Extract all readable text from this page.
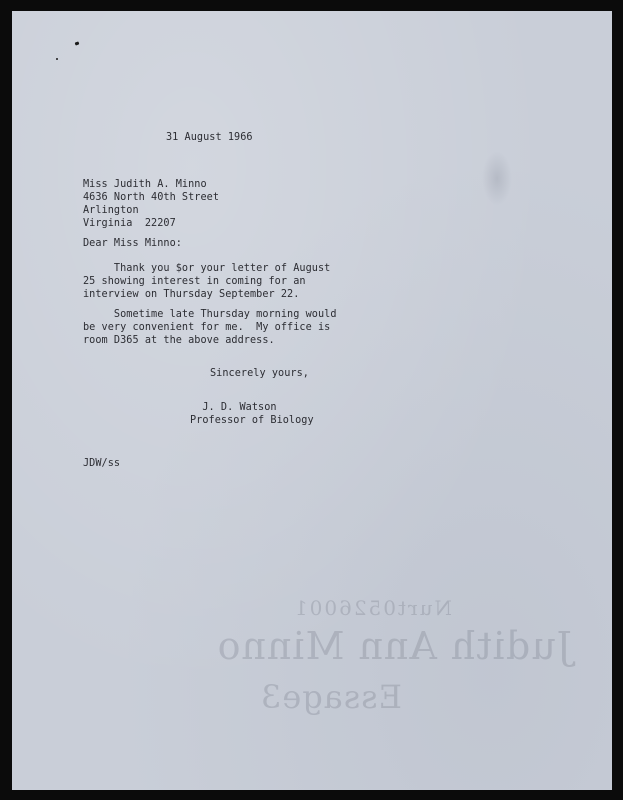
31 August 1966

Miss Judith A. Minno
4636 North 40th Street
Arlington
Virginia  22207

Dear Miss Minno:

Thank you $or your letter of August
25 showing interest in coming for an
interview on Thursday September 22.
Sometime late Thursday morning would
be very convenient for me.  My office is
room D365 at the above address.

Sincerely yours,

J. D. Watson
Professor of Biology

JDW/ss

Nurt0526001
Judith Ann Minno
Essage3
